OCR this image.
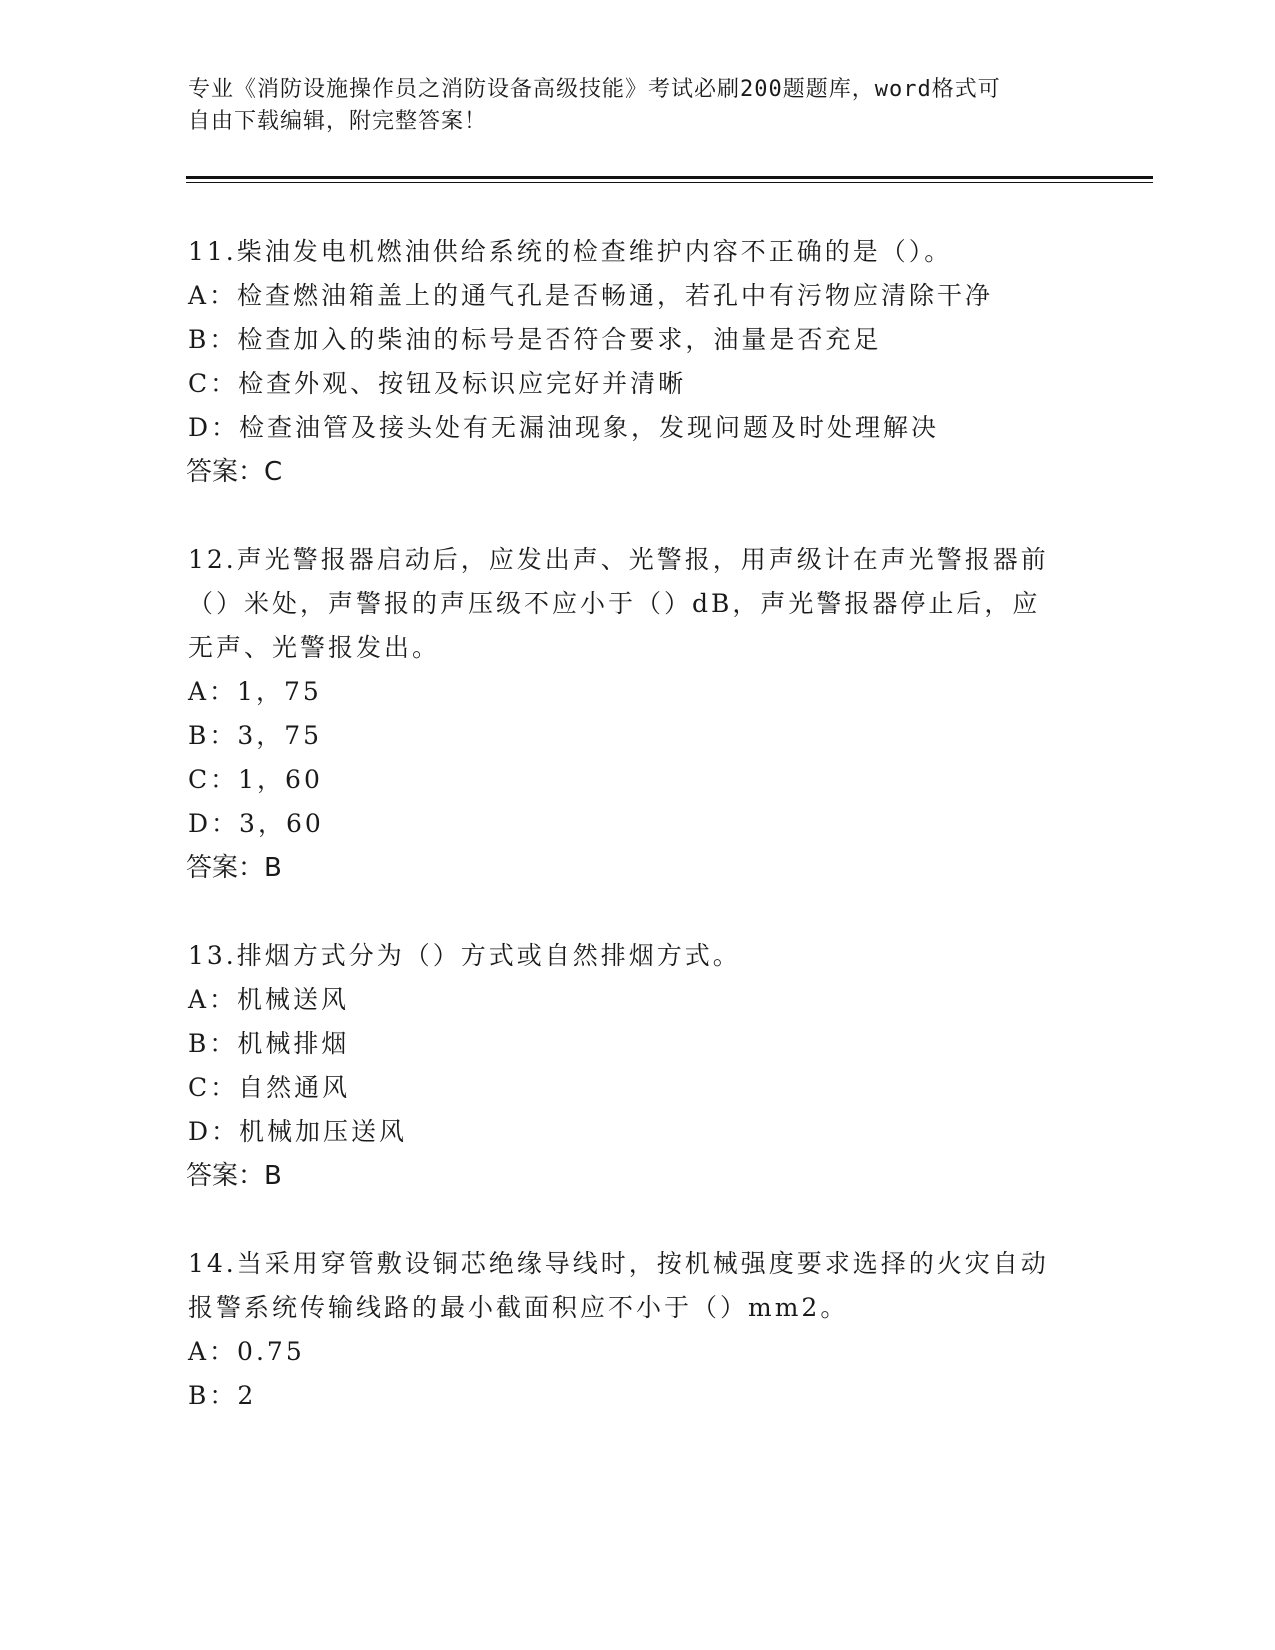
专业《消防设施操作员之消防设备高级技能》考试必刷200题题库，word格式可
自由下载编辑，附完整答案！
11.柴油发电机燃油供给系统的检查维护内容不正确的是（）。
A：检查燃油箱盖上的通气孔是否畅通，若孔中有污物应清除干净
B：检查加入的柴油的标号是否符合要求，油量是否充足
C：检查外观、按钮及标识应完好并清晰
D：检查油管及接头处有无漏油现象，发现问题及时处理解决
答案：C
12.声光警报器启动后，应发出声、光警报，用声级计在声光警报器前
（）米处，声警报的声压级不应小于（）dB，声光警报器停止后，应
无声、光警报发出。
A：1，75
B：3，75
C：1，60
D：3，60
答案：B
13.排烟方式分为（）方式或自然排烟方式。
A：机械送风
B：机械排烟
C：自然通风
D：机械加压送风
答案：B
14.当采用穿管敷设铜芯绝缘导线时，按机械强度要求选择的火灾自动
报警系统传输线路的最小截面积应不小于（）mm2。
A：0.75
B：2
